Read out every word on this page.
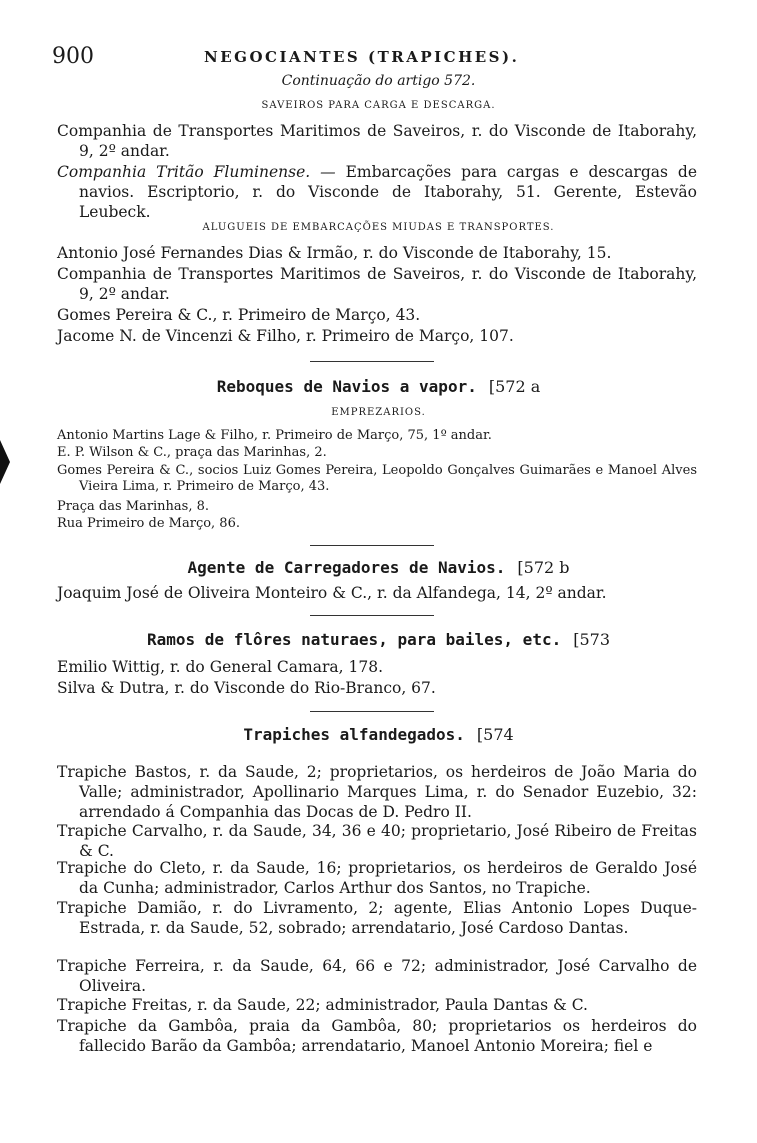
900	NEGOCIANTES (TRAPICHES).
Continuação do artigo 572.
SAVEIROS PARA CARGA E DESCARGA.

Companhia de Transportes Maritimos de Saveiros, r. do Visconde de Itaborahy, 9, 2º andar.

Companhia Tritão Fluminense. — Embarcações para cargas e descargas de navios. Escriptorio, r. do Visconde de Itaborahy, 51. Gerente, Estevão Leubeck.

ALUGUEIS DE EMBARCAÇÕES MIUDAS E TRANSPORTES.

Antonio José Fernandes Dias & Irmão, r. do Visconde de Itaborahy, 15.

Companhia de Transportes Maritimos de Saveiros, r. do Visconde de Itaborahy, 9, 2º andar.

Gomes Pereira & C., r. Primeiro de Março, 43.

Jacome N. de Vincenzi & Filho, r. Primeiro de Março, 107.

Reboques de Navios a vapor. [572 a
EMPREZARIOS.

Antonio Martins Lage & Filho, r. Primeiro de Março, 75, 1º andar.

E. P. Wilson & C., praça das Marinhas, 2.

Gomes Pereira & C., socios Luiz Gomes Pereira, Leopoldo Gonçalves Guimarães e Manoel Alves Vieira Lima, r. Primeiro de Março, 43.

Praça das Marinhas, 8.

Rua Primeiro de Março, 86.

Agente de Carregadores de Navios. [572 b

Joaquim José de Oliveira Monteiro & C., r. da Alfandega, 14, 2º andar.

Ramos de flôres naturaes, para bailes, etc. [573

Emilio Wittig, r. do General Camara, 178.

Silva & Dutra, r. do Visconde do Rio-Branco, 67.

Trapiches alfandegados. [574

Trapiche Bastos, r. da Saude, 2; proprietarios, os herdeiros de João Maria do Valle; administrador, Apollinario Marques Lima, r. do Senador Euzebio, 32: arrendado á Companhia das Docas de D. Pedro II.

Trapiche Carvalho, r. da Saude, 34, 36 e 40; proprietario, José Ribeiro de Freitas & C.

Trapiche do Cleto, r. da Saude, 16; proprietarios, os herdeiros de Geraldo José da Cunha; administrador, Carlos Arthur dos Santos, no Trapiche.

Trapiche Damião, r. do Livramento, 2; agente, Elias Antonio Lopes Duque-Estrada, r. da Saude, 52, sobrado; arrendatario, José Cardoso Dantas.

Trapiche Ferreira, r. da Saude, 64, 66 e 72; administrador, José Carvalho de Oliveira.

Trapiche Freitas, r. da Saude, 22; administrador, Paula Dantas & C.

Trapiche da Gambôa, praia da Gambôa, 80; proprietarios os herdeiros do fallecido Barão da Gambôa; arrendatario, Manoel Antonio Moreira; fiel e
